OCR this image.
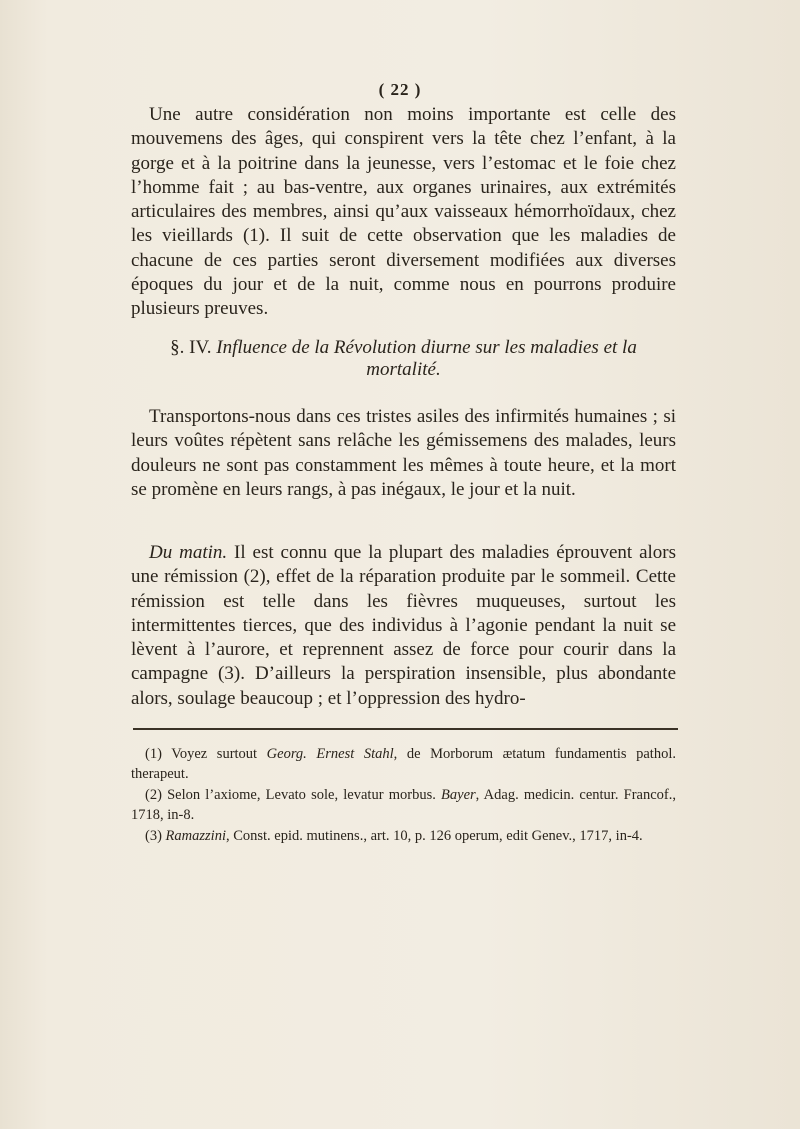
( 22 )
Une autre considération non moins importante est celle des mouvemens des âges, qui conspirent vers la tête chez l’enfant, à la gorge et à la poitrine dans la jeunesse, vers l’estomac et le foie chez l’homme fait ; au bas-ventre, aux organes urinaires, aux extrémités articulaires des membres, ainsi qu’aux vaisseaux hémorrhoïdaux, chez les vieillards (1). Il suit de cette observation que les maladies de chacune de ces parties seront diversement modifiées aux diverses époques du jour et de la nuit, comme nous en pourrons produire plusieurs preuves.
§. IV. Influence de la Révolution diurne sur les maladies et la mortalité.
Transportons-nous dans ces tristes asiles des infirmités humaines ; si leurs voûtes répètent sans relâche les gémissemens des malades, leurs douleurs ne sont pas constamment les mêmes à toute heure, et la mort se promène en leurs rangs, à pas inégaux, le jour et la nuit.
Du matin. Il est connu que la plupart des maladies éprouvent alors une rémission (2), effet de la réparation produite par le sommeil. Cette rémission est telle dans les fièvres muqueuses, surtout les intermittentes tierces, que des individus à l’agonie pendant la nuit se lèvent à l’aurore, et reprennent assez de force pour courir dans la campagne (3). D’ailleurs la perspiration insensible, plus abondante alors, soulage beaucoup ; et l’oppression des hydro-
(1) Voyez surtout Georg. Ernest Stahl, de Morborum ætatum fundamentis pathol. therapeut.
(2) Selon l’axiome, Levato sole, levatur morbus. Bayer, Adag. medicin. centur. Francof., 1718, in-8.
(3) Ramazzini, Const. epid. mutinens., art. 10, p. 126 operum, edit Genev., 1717, in-4.
